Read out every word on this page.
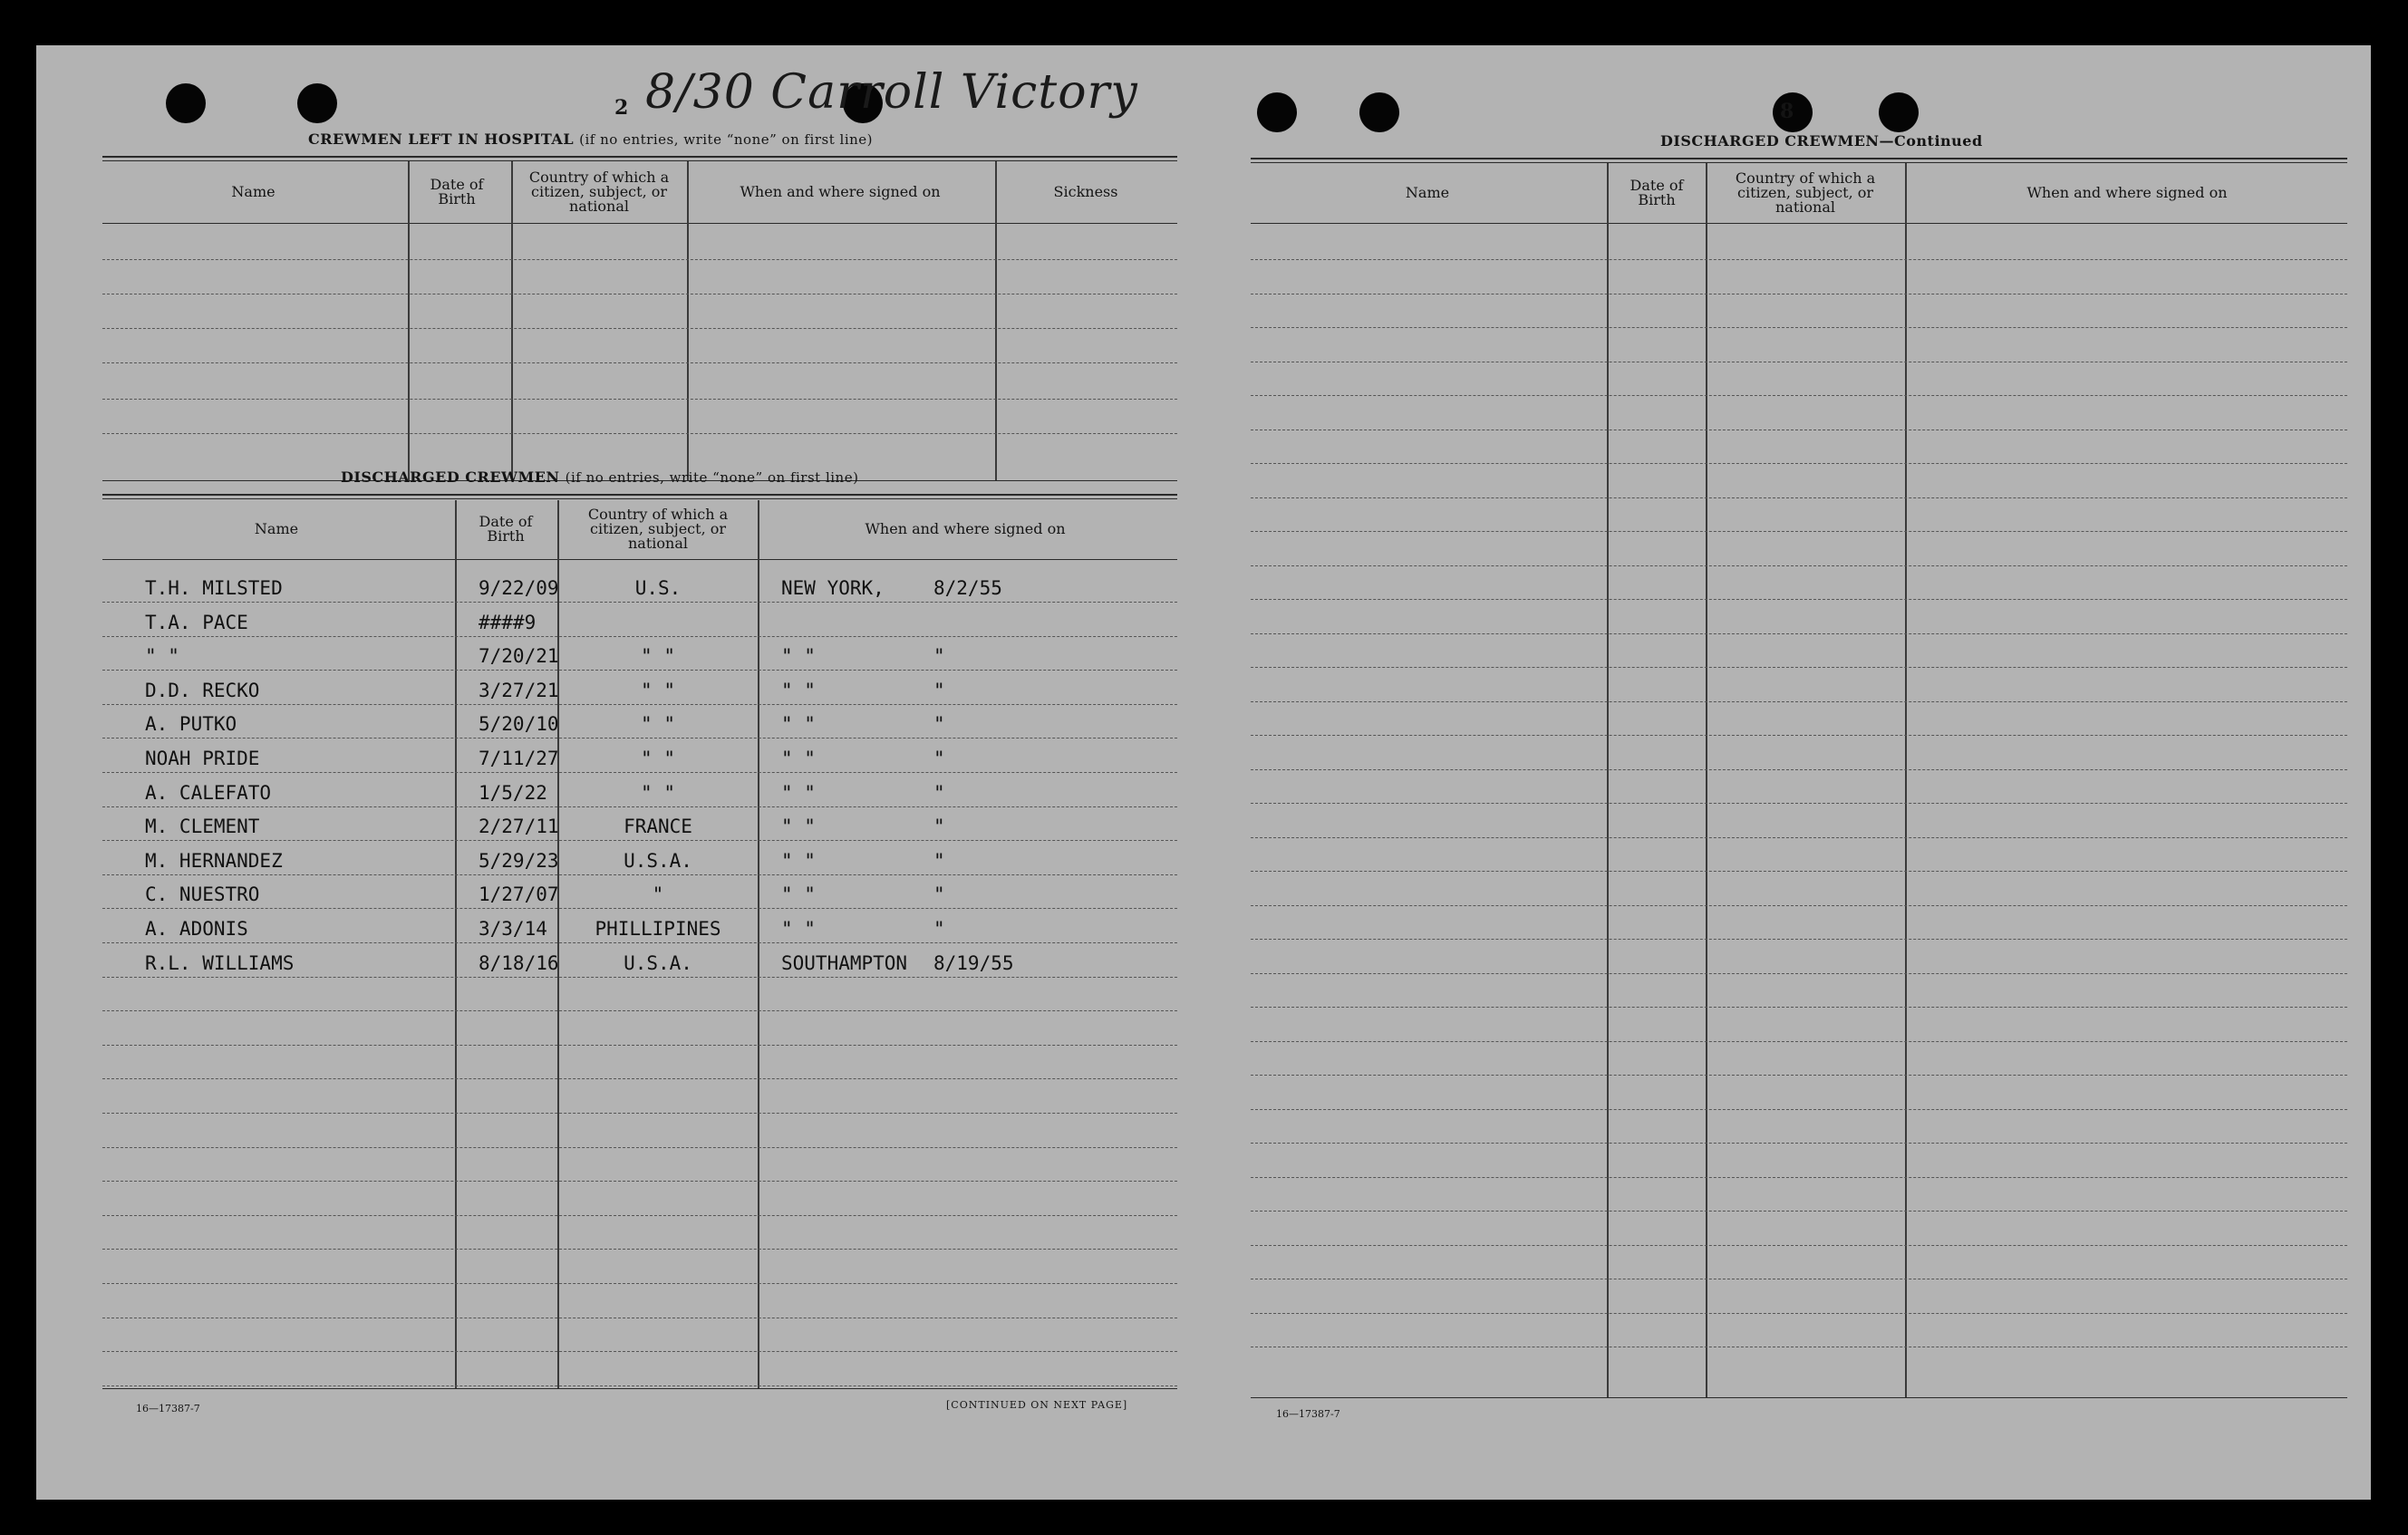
2 8/30 Carroll Victory
CREWMEN LEFT IN HOSPITAL (if no entries, write “none” on first line)
Name	Date of Birth
Country of which a citizen, subject, or national
When and where signed on	Sickness
DISCHARGED CREWMEN (if no entries, write “none” on first line)
Name	Date of Birth
Country of which a citizen, subject, or national
When and where signed on
T.H. MILSTED	9/22/09	U.S.	NEW YORK,	8/2/55
T.A. PACE	####9
" "	7/20/21	" "	" "	"
D.D. RECKO	3/27/21	" "	" "	"
A. PUTKO	5/20/10	" "	" "	"
NOAH PRIDE	7/11/27	" "	" "	"
A. CALEFATO	1/5/22	" "	" "	"
M. CLEMENT	2/27/11	FRANCE	" "	"
M. HERNANDEZ	5/29/23	U.S.A.	" "	"
C. NUESTRO	1/27/07	"	" "	"
A. ADONIS	3/3/14	PHILLIPINES	" "	"
R.L. WILLIAMS	8/18/16	U.S.A.	SOUTHAMPTON 8/19/55
16—17387-7	[CONTINUED ON NEXT PAGE]
8
DISCHARGED CREWMEN—Continued
Name	Date of Birth
Country of which a citizen, subject, or national
When and where signed on
16—17387-7
